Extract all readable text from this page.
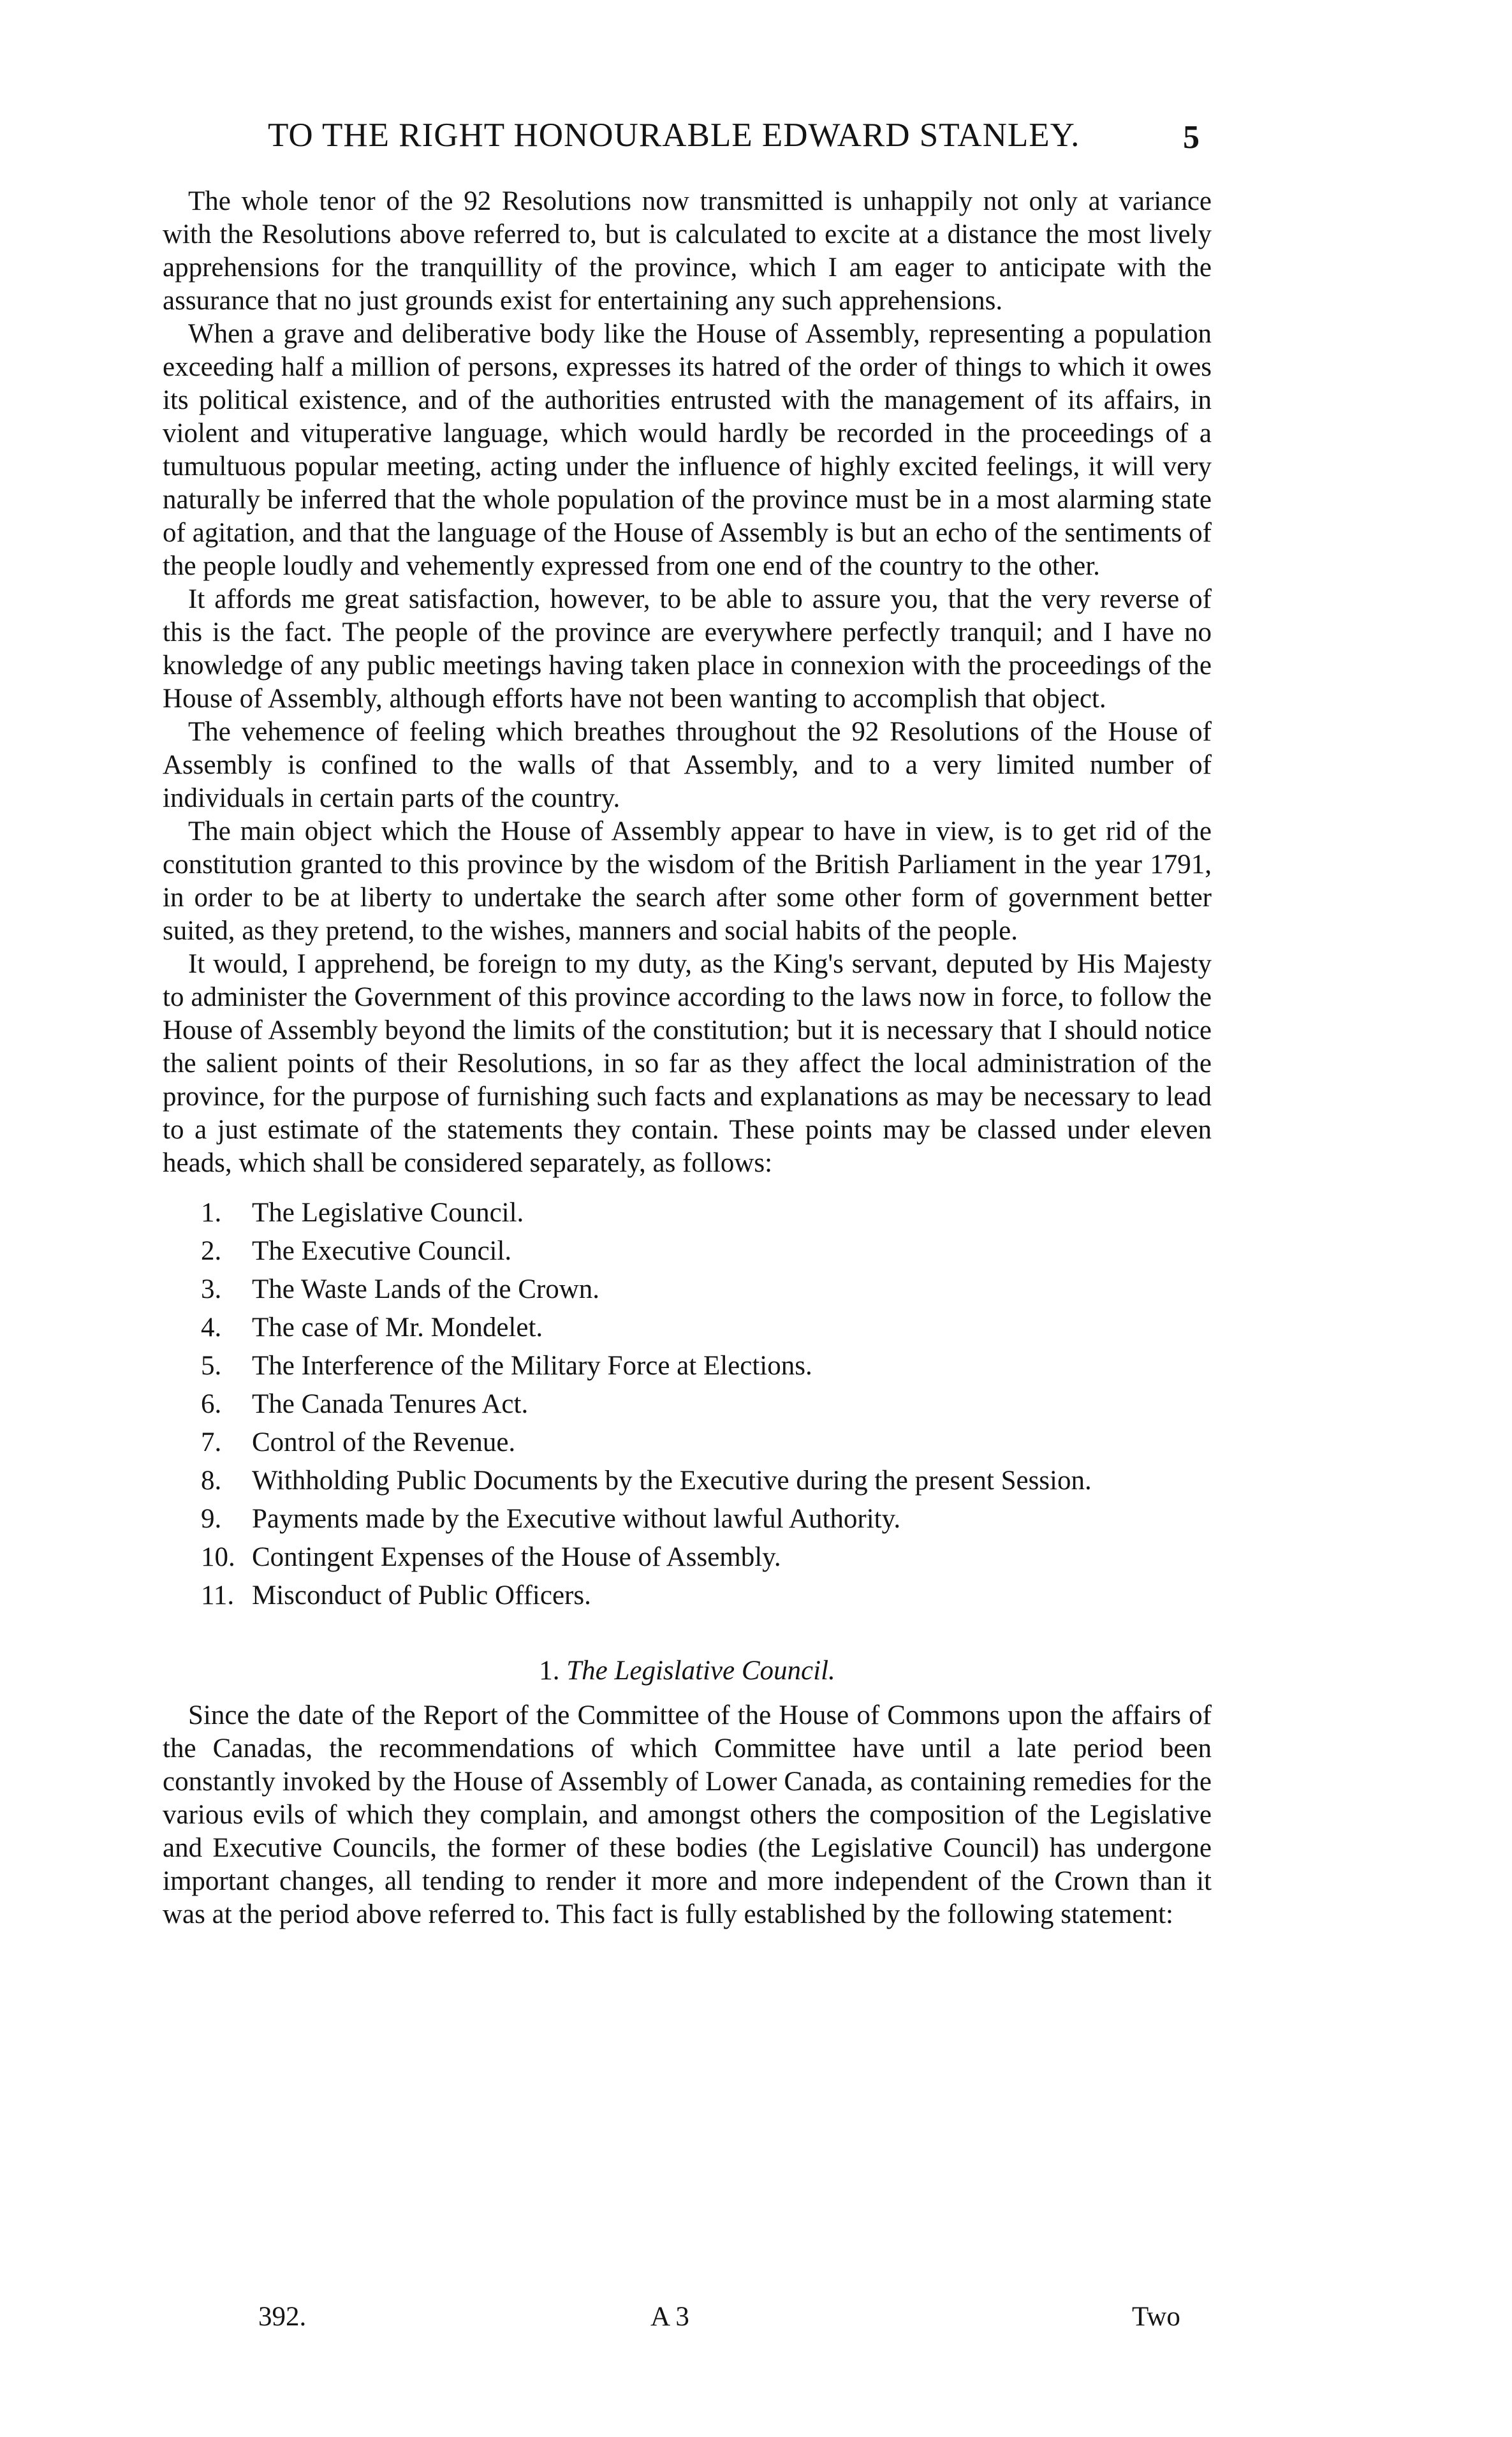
TO THE RIGHT HONOURABLE EDWARD STANLEY.	5

The whole tenor of the 92 Resolutions now transmitted is unhappily not only at variance with the Resolutions above referred to, but is calculated to excite at a distance the most lively apprehensions for the tranquillity of the province, which I am eager to anticipate with the assurance that no just grounds exist for entertaining any such apprehensions.

When a grave and deliberative body like the House of Assembly, representing a population exceeding half a million of persons, expresses its hatred of the order of things to which it owes its political existence, and of the authorities entrusted with the management of its affairs, in violent and vituperative language, which would hardly be recorded in the proceedings of a tumultuous popular meeting, acting under the influence of highly excited feelings, it will very naturally be inferred that the whole population of the province must be in a most alarming state of agitation, and that the language of the House of Assembly is but an echo of the sentiments of the people loudly and vehemently expressed from one end of the country to the other.

It affords me great satisfaction, however, to be able to assure you, that the very reverse of this is the fact. The people of the province are everywhere perfectly tranquil; and I have no knowledge of any public meetings having taken place in connexion with the proceedings of the House of Assembly, although efforts have not been wanting to accomplish that object.

The vehemence of feeling which breathes throughout the 92 Resolutions of the House of Assembly is confined to the walls of that Assembly, and to a very limited number of individuals in certain parts of the country.

The main object which the House of Assembly appear to have in view, is to get rid of the constitution granted to this province by the wisdom of the British Parliament in the year 1791, in order to be at liberty to undertake the search after some other form of government better suited, as they pretend, to the wishes, manners and social habits of the people.

It would, I apprehend, be foreign to my duty, as the King's servant, deputed by His Majesty to administer the Government of this province according to the laws now in force, to follow the House of Assembly beyond the limits of the constitution; but it is necessary that I should notice the salient points of their Resolutions, in so far as they affect the local administration of the province, for the purpose of furnishing such facts and explanations as may be necessary to lead to a just estimate of the statements they contain. These points may be classed under eleven heads, which shall be considered separately, as follows:

1.	The Legislative Council.
2.	The Executive Council.
3.	The Waste Lands of the Crown.
4.	The case of Mr. Mondelet.
5.	The Interference of the Military Force at Elections.
6.	The Canada Tenures Act.
7.	Control of the Revenue.
8.	Withholding Public Documents by the Executive during the present Session.
9.	Payments made by the Executive without lawful Authority.
10. Contingent Expenses of the House of Assembly.
11. Misconduct of Public Officers.
1. The Legislative Council.

Since the date of the Report of the Committee of the House of Commons upon the affairs of the Canadas, the recommendations of which Committee have until a late period been constantly invoked by the House of Assembly of Lower Canada, as containing remedies for the various evils of which they complain, and amongst others the composition of the Legislative and Executive Councils, the former of these bodies (the Legislative Council) has undergone important changes, all tending to render it more and more independent of the Crown than it was at the period above referred to. This fact is fully established by the following statement:

392.	A 3	Two
